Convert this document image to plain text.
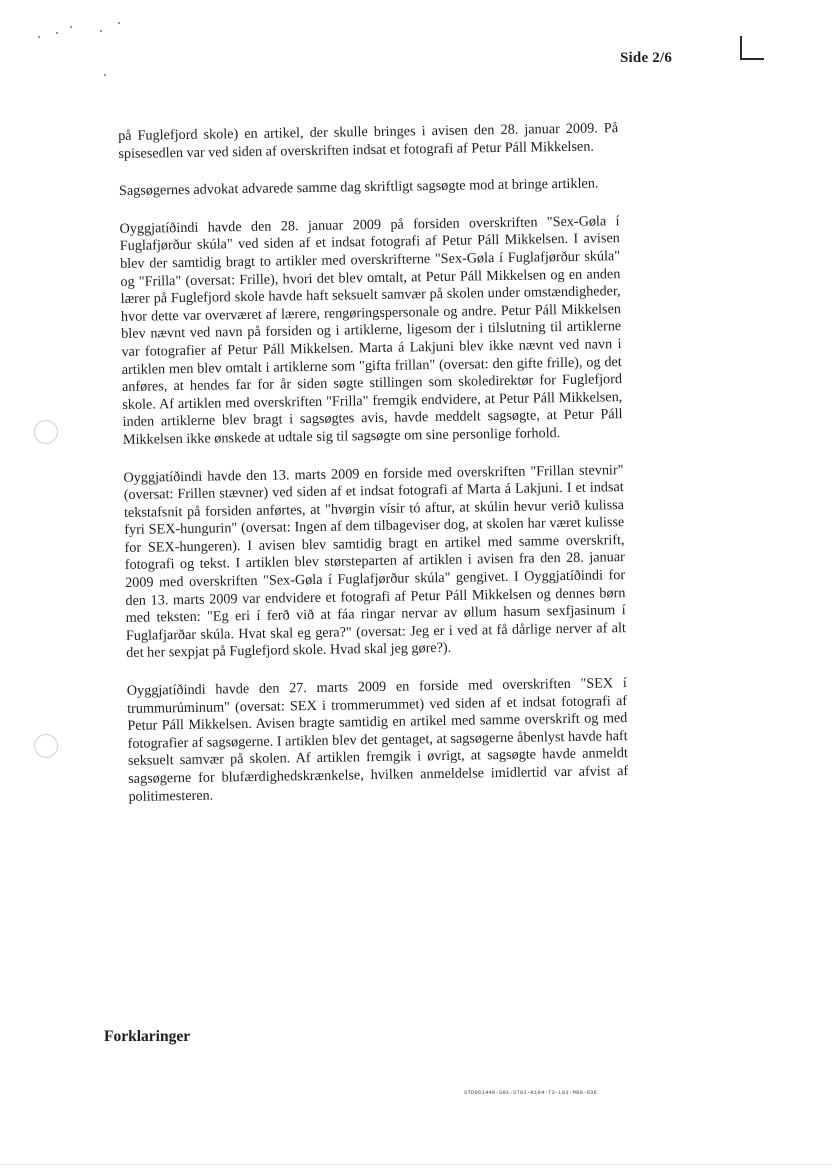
Side 2/6

på Fuglefjord skole) en artikel, der skulle bringes i avisen den 28. januar 2009. På spisesedlen var ved siden af overskriften indsat et fotografi af Petur Páll Mikkelsen.

Sagsøgernes advokat advarede samme dag skriftligt sagsøgte mod at bringe artiklen.

Oyggjatíðindi havde den 28. januar 2009 på forsiden overskriften "Sex-Gøla í Fuglafjørður skúla" ved siden af et indsat fotografi af Petur Páll Mikkelsen. I avisen blev der samtidig bragt to artikler med overskrifterne "Sex-Gøla í Fuglafjørður skúla" og "Frilla" (oversat: Frille), hvori det blev omtalt, at Petur Páll Mikkelsen og en anden lærer på Fuglefjord skole havde haft seksuelt samvær på skolen under omstændigheder, hvor dette var overværet af lærere, rengøringspersonale og andre. Petur Páll Mikkelsen blev nævnt ved navn på forsiden og i artiklerne, ligesom der i tilslutning til artiklerne var fotografier af Petur Páll Mikkelsen. Marta á Lakjuni blev ikke nævnt ved navn i artiklen men blev omtalt i artiklerne som "gifta frillan" (oversat: den gifte frille), og det anføres, at hendes far for år siden søgte stillingen som skoledirektør for Fuglefjord skole. Af artiklen med overskriften "Frilla" fremgik endvidere, at Petur Páll Mikkelsen, inden artiklerne blev bragt i sagsøgtes avis, havde meddelt sagsøgte, at Petur Páll Mikkelsen ikke ønskede at udtale sig til sagsøgte om sine personlige forhold.

Oyggjatíðindi havde den 13. marts 2009 en forside med overskriften "Frillan stevnir" (oversat: Frillen stævner) ved siden af et indsat fotografi af Marta á Lakjuni. I et indsat tekstafsnit på forsiden anførtes, at "hvørgin vísir tó aftur, at skúlin hevur verið kulissa fyri SEX-hungurin" (oversat: Ingen af dem tilbageviser dog, at skolen har været kulisse for SEX-hungeren). I avisen blev samtidig bragt en artikel med samme overskrift, fotografi og tekst. I artiklen blev størsteparten af artiklen i avisen fra den 28. januar 2009 med overskriften "Sex-Gøla í Fuglafjørður skúla" gengivet. I Oyggjatíðindi for den 13. marts 2009 var endvidere et fotografi af Petur Páll Mikkelsen og dennes børn med teksten: "Eg eri í ferð við at fáa ringar nervar av øllum hasum sexfjasinum í Fuglafjarðar skúla. Hvat skal eg gera?" (oversat: Jeg er i ved at få dårlige nerver af alt det her sexpjat på Fuglefjord skole. Hvad skal jeg gøre?).

Oyggjatíðindi havde den 27. marts 2009 en forside med overskriften "SEX í trummurúminum" (oversat: SEX i trommerummet) ved siden af et indsat fotografi af Petur Páll Mikkelsen. Avisen bragte samtidig en artikel med samme overskrift og med fotografier af sagsøgerne. I artiklen blev det gentaget, at sagsøgerne åbenlyst havde haft seksuelt samvær på skolen. Af artiklen fremgik i øvrigt, at sagsøgte havde anmeldt sagsøgerne for blufærdighedskrænkelse, hvilken anmeldelse imidlertid var afvist af politimesteren.

Forklaringer
STD061446-S01-ST01-K194-T3-L01-M00-D36
